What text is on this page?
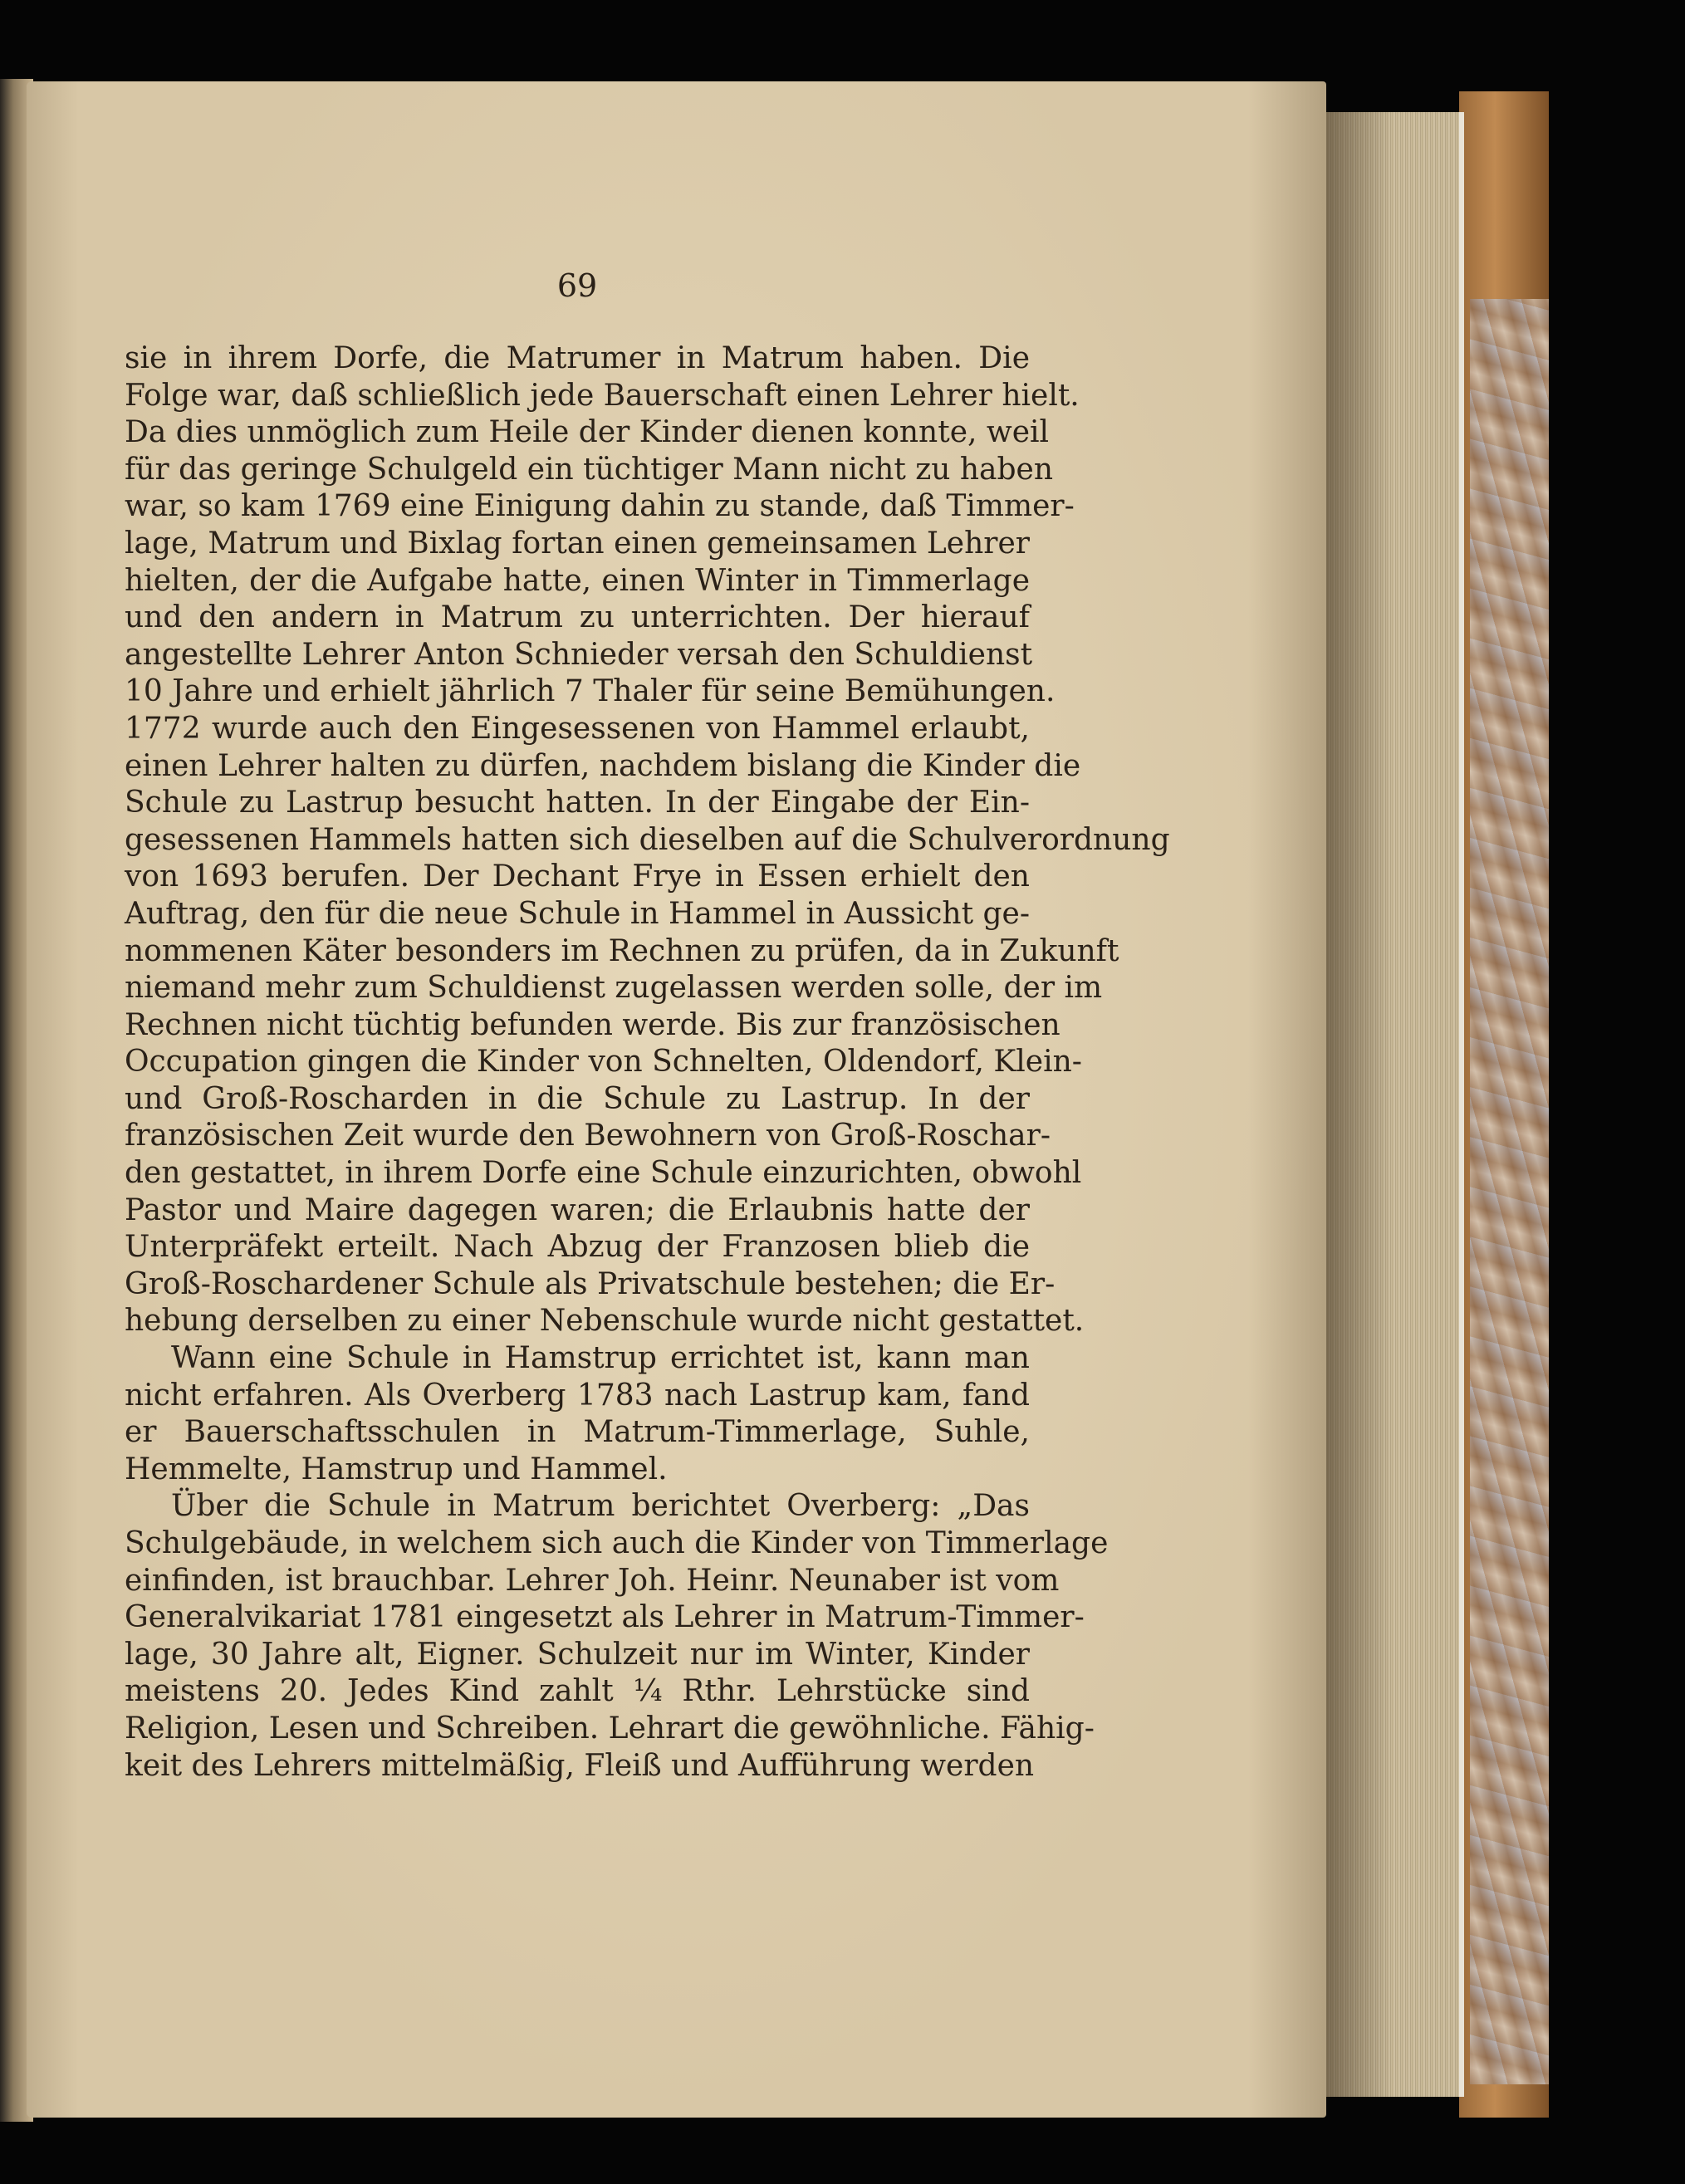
69
sie in ihrem Dorfe, die Matrumer in Matrum haben. Die
Folge war, daß schließlich jede Bauerschaft einen Lehrer hielt.
Da dies unmöglich zum Heile der Kinder dienen konnte, weil
für das geringe Schulgeld ein tüchtiger Mann nicht zu haben
war, so kam 1769 eine Einigung dahin zu stande, daß Timmer-
lage, Matrum und Bixlag fortan einen gemeinsamen Lehrer
hielten, der die Aufgabe hatte, einen Winter in Timmerlage
und den andern in Matrum zu unterrichten. Der hierauf
angestellte Lehrer Anton Schnieder versah den Schuldienst
10 Jahre und erhielt jährlich 7 Thaler für seine Bemühungen.
1772 wurde auch den Eingesessenen von Hammel erlaubt,
einen Lehrer halten zu dürfen, nachdem bislang die Kinder die
Schule zu Lastrup besucht hatten. In der Eingabe der Ein-
gesessenen Hammels hatten sich dieselben auf die Schulverordnung
von 1693 berufen. Der Dechant Frye in Essen erhielt den
Auftrag, den für die neue Schule in Hammel in Aussicht ge-
nommenen Käter besonders im Rechnen zu prüfen, da in Zukunft
niemand mehr zum Schuldienst zugelassen werden solle, der im
Rechnen nicht tüchtig befunden werde. Bis zur französischen
Occupation gingen die Kinder von Schnelten, Oldendorf, Klein-
und Groß-Roscharden in die Schule zu Lastrup. In der
französischen Zeit wurde den Bewohnern von Groß-Roschar-
den gestattet, in ihrem Dorfe eine Schule einzurichten, obwohl
Pastor und Maire dagegen waren; die Erlaubnis hatte der
Unterpräfekt erteilt. Nach Abzug der Franzosen blieb die
Groß-Roschardener Schule als Privatschule bestehen; die Er-
hebung derselben zu einer Nebenschule wurde nicht gestattet.
Wann eine Schule in Hamstrup errichtet ist, kann man
nicht erfahren. Als Overberg 1783 nach Lastrup kam, fand
er Bauerschaftsschulen in Matrum-Timmerlage, Suhle,
Hemmelte, Hamstrup und Hammel.
Über die Schule in Matrum berichtet Overberg: „Das
Schulgebäude, in welchem sich auch die Kinder von Timmerlage
einfinden, ist brauchbar. Lehrer Joh. Heinr. Neunaber ist vom
Generalvikariat 1781 eingesetzt als Lehrer in Matrum-Timmer-
lage, 30 Jahre alt, Eigner. Schulzeit nur im Winter, Kinder
meistens 20. Jedes Kind zahlt ¼ Rthr. Lehrstücke sind
Religion, Lesen und Schreiben. Lehrart die gewöhnliche. Fähig-
keit des Lehrers mittelmäßig, Fleiß und Aufführung werden
